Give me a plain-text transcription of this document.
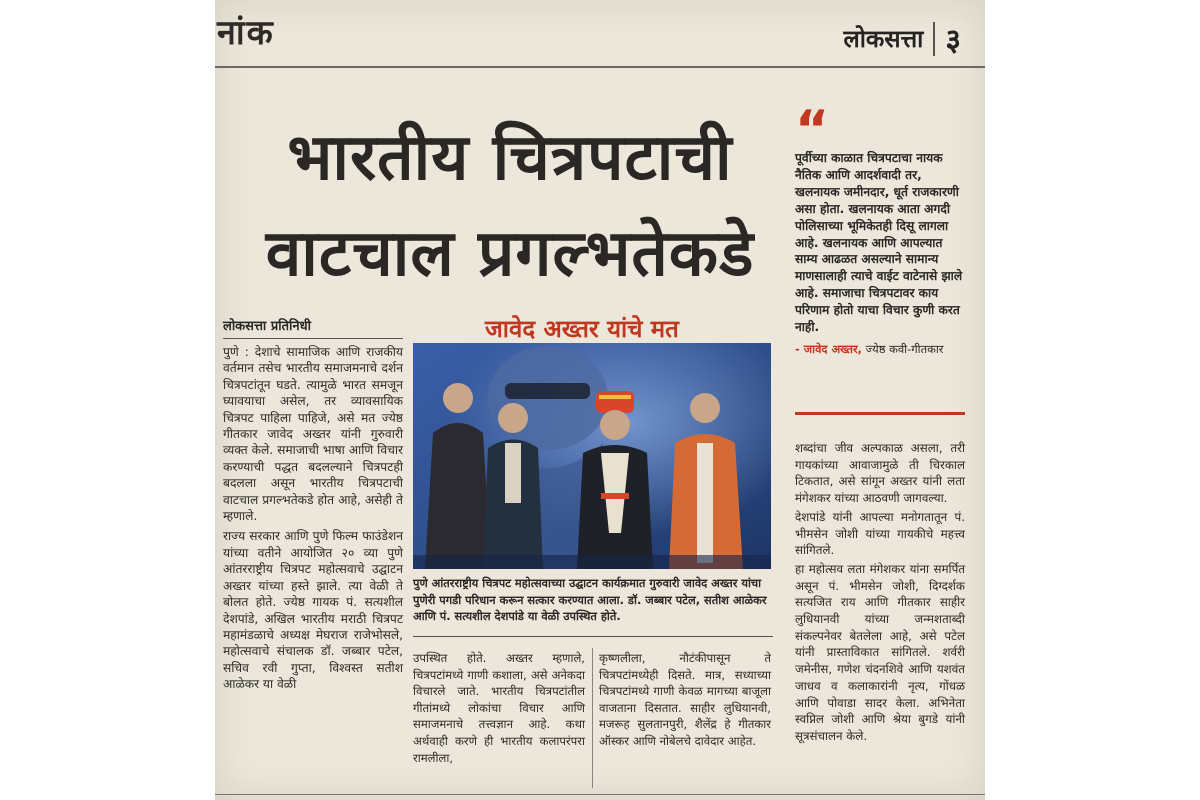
नांक	लोकसत्ता ३
भारतीय चित्रपटाची
वाटचाल प्रगल्भतेकडे
लोकसत्ता प्रतिनिधी	जावेद अख्तर यांचे मत

पुणे : देशाचे सामाजिक आणि राजकीय वर्तमान तसेच भारतीय समाजमनाचे दर्शन चित्रपटांतून घडते. त्यामुळे भारत समजून घ्यावयाचा असेल, तर व्यावसायिक चित्रपट पाहिला पाहिजे, असे मत ज्येष्ठ गीतकार जावेद अख्तर यांनी गुरुवारी व्यक्त केले. समाजाची भाषा आणि विचार करण्याची पद्धत बदलल्याने चित्रपटही बदलला असून भारतीय चित्रपटाची वाटचाल प्रगल्भतेकडे होत आहे, असेही ते म्हणाले.

राज्य सरकार आणि पुणे फिल्म फाउंडेशन यांच्या वतीने आयोजित २० व्या पुणे आंतरराष्ट्रीय चित्रपट महोत्सवाचे उद्घाटन अख्तर यांच्या हस्ते झाले. त्या वेळी ते बोलत होते. ज्येष्ठ गायक पं. सत्यशील देशपांडे, अखिल भारतीय मराठी चित्रपट महामंडळाचे अध्यक्ष मेघराज राजेभोसले, महोत्सवाचे संचालक डॉ. जब्बार पटेल, सचिव रवी गुप्ता, विश्वस्त सतीश आळेकर या वेळी

पुणे आंतरराष्ट्रीय चित्रपट महोत्सवाच्या उद्घाटन कार्यक्रमात गुरुवारी जावेद अख्तर यांचा पुणेरी पगडी परिधान करून सत्कार करण्यात आला. डॉ. जब्बार पटेल, सतीश आळेकर आणि पं. सत्यशील देशपांडे या वेळी उपस्थित होते.

उपस्थित होते. अख्तर म्हणाले, चित्रपटांमध्ये गाणी कशाला, असे अनेकदा विचारले जाते. भारतीय चित्रपटांतील गीतांमध्ये लोकांचा विचार आणि समाजमनाचे तत्त्वज्ञान आहे. कथा अर्थवाही करणे ही भारतीय कलापरंपरा रामलीला,

कृष्णलीला, नौटंकीपासून ते चित्रपटांमध्येही दिसते. मात्र, सध्याच्या चित्रपटांमध्ये गाणी केवळ मागच्या बाजूला वाजताना दिसतात. साहीर लुधियानवी, मजरूह सुलतानपुरी, शैलेंद्र हे गीतकार ऑस्कर आणि नोबेलचे दावेदार आहेत.

“
पूर्वीच्या काळात चित्रपटाचा नायक नैतिक आणि आदर्शवादी तर, खलनायक जमीनदार, धूर्त राजकारणी असा होता. खलनायक आता अगदी पोलिसाच्या भूमिकेतही दिसू लागला आहे. खलनायक आणि आपल्यात साम्य आढळत असल्याने सामान्य माणसालाही त्याचे वाईट वाटेनासे झाले आहे. समाजाचा चित्रपटावर काय परिणाम होतो याचा विचार कुणी करत नाही.
- जावेद अख्तर, ज्येष्ठ कवी-गीतकार

शब्दांचा जीव अल्पकाळ असला, तरी गायकांच्या आवाजामुळे ती चिरकाल टिकतात, असे सांगून अख्तर यांनी लता मंगेशकर यांच्या आठवणी जागवल्या.

देशपांडे यांनी आपल्या मनोगतातून पं. भीमसेन जोशी यांच्या गायकीचे महत्त्व सांगितले.

हा महोत्सव लता मंगेशकर यांना समर्पित असून पं. भीमसेन जोशी, दिग्दर्शक सत्यजित राय आणि गीतकार साहीर लुधियानवी यांच्या जन्मशताब्दी संकल्पनेवर बेतलेला आहे, असे पटेल यांनी प्रास्ताविकात सांगितले. शर्वरी जमेनीस, गणेश चंदनशिवे आणि यशवंत जाधव व कलाकारांनी नृत्य, गोंधळ आणि पोवाडा सादर केला. अभिनेता स्वप्निल जोशी आणि श्रेया बुगडे यांनी सूत्रसंचालन केले.
